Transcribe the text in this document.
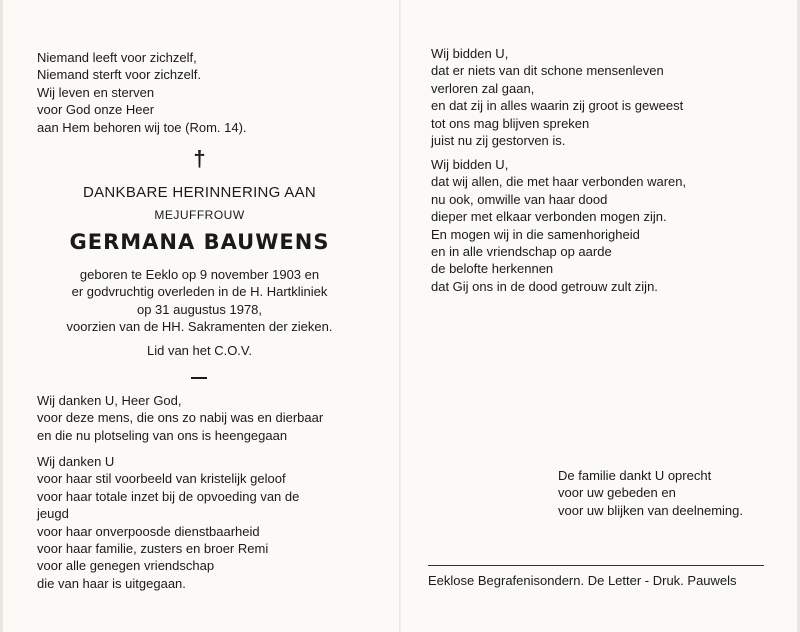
Niemand leeft voor zichzelf,
Niemand sterft voor zichzelf.
Wij leven en sterven
voor God onze Heer
aan Hem behoren wij toe (Rom. 14).
†
DANKBARE HERINNERING AAN
MEJUFFROUW
GERMANA BAUWENS
geboren te Eeklo op 9 november 1903 en
er godvruchtig overleden in de H. Hartkliniek
op 31 augustus 1978,
voorzien van de HH. Sakramenten der zieken.
Lid van het C.O.V.
Wij danken U, Heer God,
voor deze mens, die ons zo nabij was en dierbaar
en die nu plotseling van ons is heengegaan
Wij danken U
voor haar stil voorbeeld van kristelijk geloof
voor haar totale inzet bij de opvoeding van de
jeugd
voor haar onverpoosde dienstbaarheid
voor haar familie, zusters en broer Remi
voor alle genegen vriendschap
die van haar is uitgegaan.
Wij bidden U,
dat er niets van dit schone mensenleven
verloren zal gaan,
en dat zij in alles waarin zij groot is geweest
tot ons mag blijven spreken
juist nu zij gestorven is.
Wij bidden U,
dat wij allen, die met haar verbonden waren,
nu ook, omwille van haar dood
dieper met elkaar verbonden mogen zijn.
En mogen wij in die samenhorigheid
en in alle vriendschap op aarde
de belofte herkennen
dat Gij ons in de dood getrouw zult zijn.
De familie dankt U oprecht
voor uw gebeden en
voor uw blijken van deelneming.
Eeklose Begrafenisondern. De Letter - Druk. Pauwels
